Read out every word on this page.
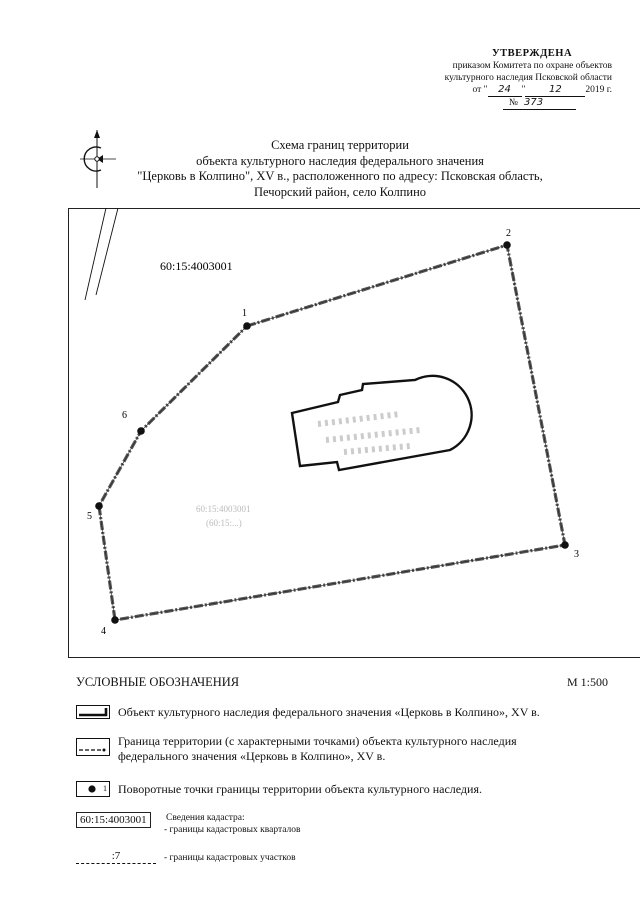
УТВЕРЖДЕНА
приказом Комитета по охране объектов
культурного наследия Псковской области
от " 24 " 12 2019 г.
№ 373
Схема границ территории
объекта культурного наследия федерального значения
"Церковь в Колпино", XV в., расположенного по адресу: Псковская область,
Печорский район, село Колпино
1
2
3
4
5
6
60:15:4003001
60:15:4003001
(60:15:...)
УСЛОВНЫЕ ОБОЗНАЧЕНИЯ	М 1:500
Объект культурного наследия федерального значения «Церковь в Колпино», XV в.
Граница территории (с характерными точками) объекта культурного наследия
федерального значения «Церковь в Колпино», XV в.
1 Поворотные точки границы территории объекта культурного наследия.
60:15:4003001	Сведения кадастра:
- границы кадастровых кварталов
:7	- границы кадастровых участков
